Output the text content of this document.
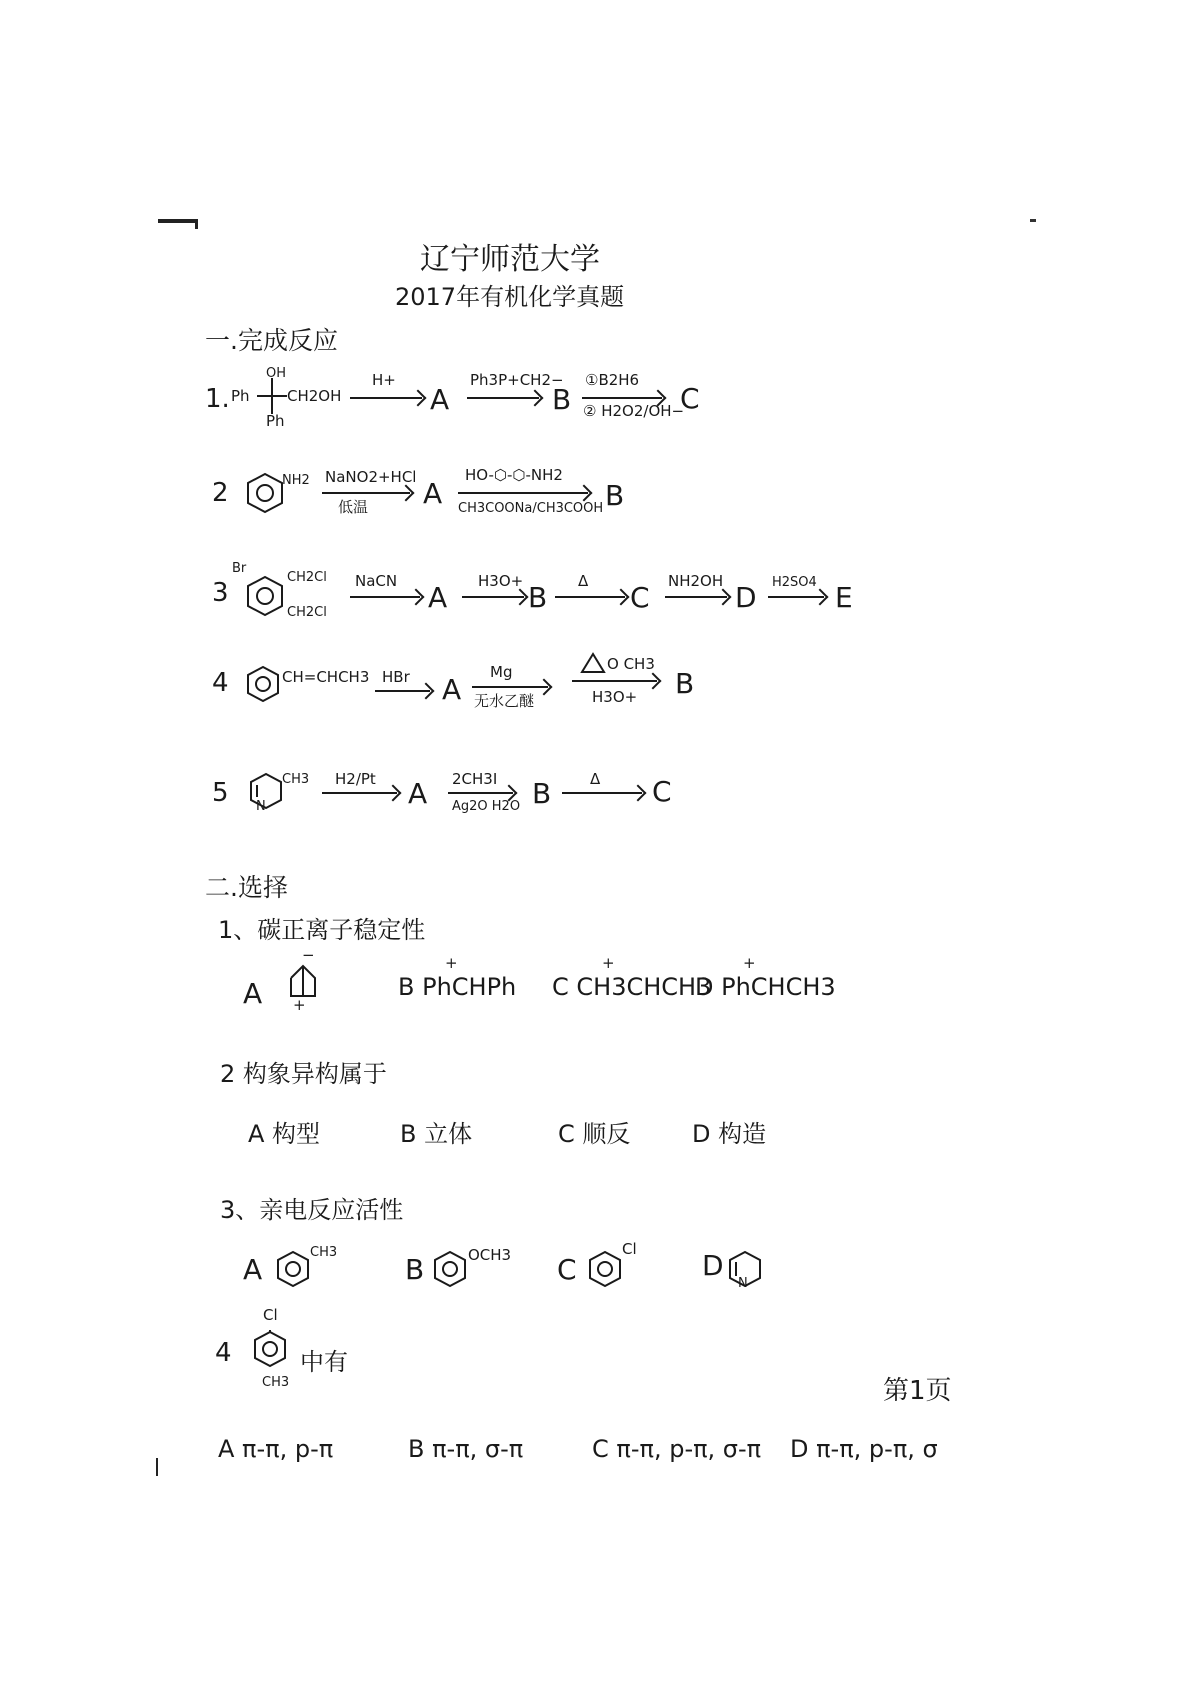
辽宁师范大学
2017年有机化学真题
一.完成反应
1.
OH
Ph CH2OH
Ph
H+
A
Ph3P+CH2−
B
①B2H6
② H2O2/OH−
C
2	NH2 NaNO2+HCl
低温 A
HO-⬡-⬡-NH2
CH3COONa/CH3COOH B
3
Br
CH2Cl
CH2Cl
NaCN A H3O+ B Δ C NH2OH D H2SO4 E
4	CH=CHCH3 HBr A
Mg
无水乙醚
O CH3
H3O+ B
5 N
CH3 H2/Pt A 2CH3I
Ag2O H2O B	Δ C
二.选择
1、碳正离子稳定性
A
−
+
+
B PhCHPh
+
C CH3CHCH3
+
D PhCHCH3
2 构象异构属于
A 构型	B 立体	C 顺反	D 构造
3、亲电反应活性
A
CH3
B	OCH3 C
Cl D
N
4
Cl
CH3
中有
A π-π, p-π	B π-π, σ-π	C π-π, p-π, σ-π D π-π, p-π, σ
第1页
